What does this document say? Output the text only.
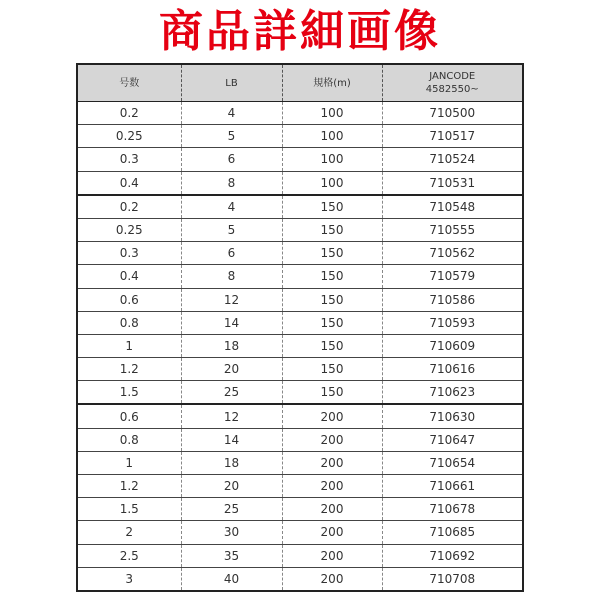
商品詳細画像
号数	LB	規格(m)	JANCODE
4582550~

0.2	4	100	710500
0.25	5	100	710517
0.3	6	100	710524
0.4	8	100	710531
0.2	4	150	710548
0.25	5	150	710555
0.3	6	150	710562
0.4	8	150	710579
0.6	12	150	710586
0.8	14	150	710593
1	18	150	710609
1.2	20	150	710616
1.5	25	150	710623
0.6	12	200	710630
0.8	14	200	710647
1	18	200	710654
1.2	20	200	710661
1.5	25	200	710678
2	30	200	710685
2.5	35	200	710692
3	40	200	710708
